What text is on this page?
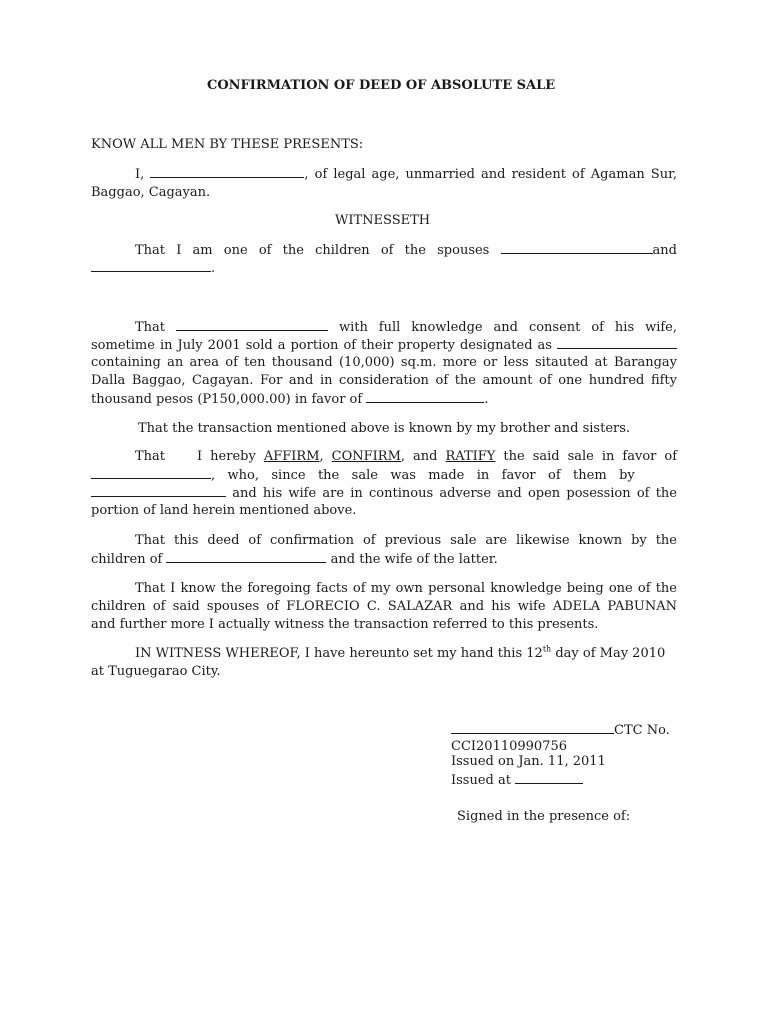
CONFIRMATION OF DEED OF ABSOLUTE SALE
KNOW ALL MEN BY THESE PRESENTS:
I,	, of legal age, unmarried and resident of Agaman Sur,
Baggao, Cagayan.
WITNESSETH
That I am one of the children of the spouses	and
.
That	with full knowledge and consent of his wife,
sometime in July 2001 sold a portion of their property designated as
containing an area of ten thousand (10,000) sq.m. more or less sitauted at Barangay
Dalla Baggao, Cagayan. For and in consideration of the amount of one hundred fifty
thousand pesos (P150,000.00) in favor of	.
That the transaction mentioned above is known by my brother and sisters.
That    I hereby AFFIRM, CONFIRM, and RATIFY the said sale in favor of
,   who,   since   the   sale   was   made   in   favor   of   them   by
and his wife are in continous adverse and open posession of the
portion of land herein mentioned above.
That this deed of confirmation of previous sale are likewise known by the
children of	and the wife of the latter.
That I know the foregoing facts of my own personal knowledge being one of the
children of said spouses of FLORECIO C. SALAZAR and his wife ADELA PABUNAN
and further more I actually witness the transaction referred to this presents.
IN WITNESS WHEREOF, I have hereunto set my hand this 12th day of May 2010
at Tuguegarao City.
CTC No.
CCI20110990756
Issued on Jan. 11, 2011
Issued at
Signed in the presence of:
